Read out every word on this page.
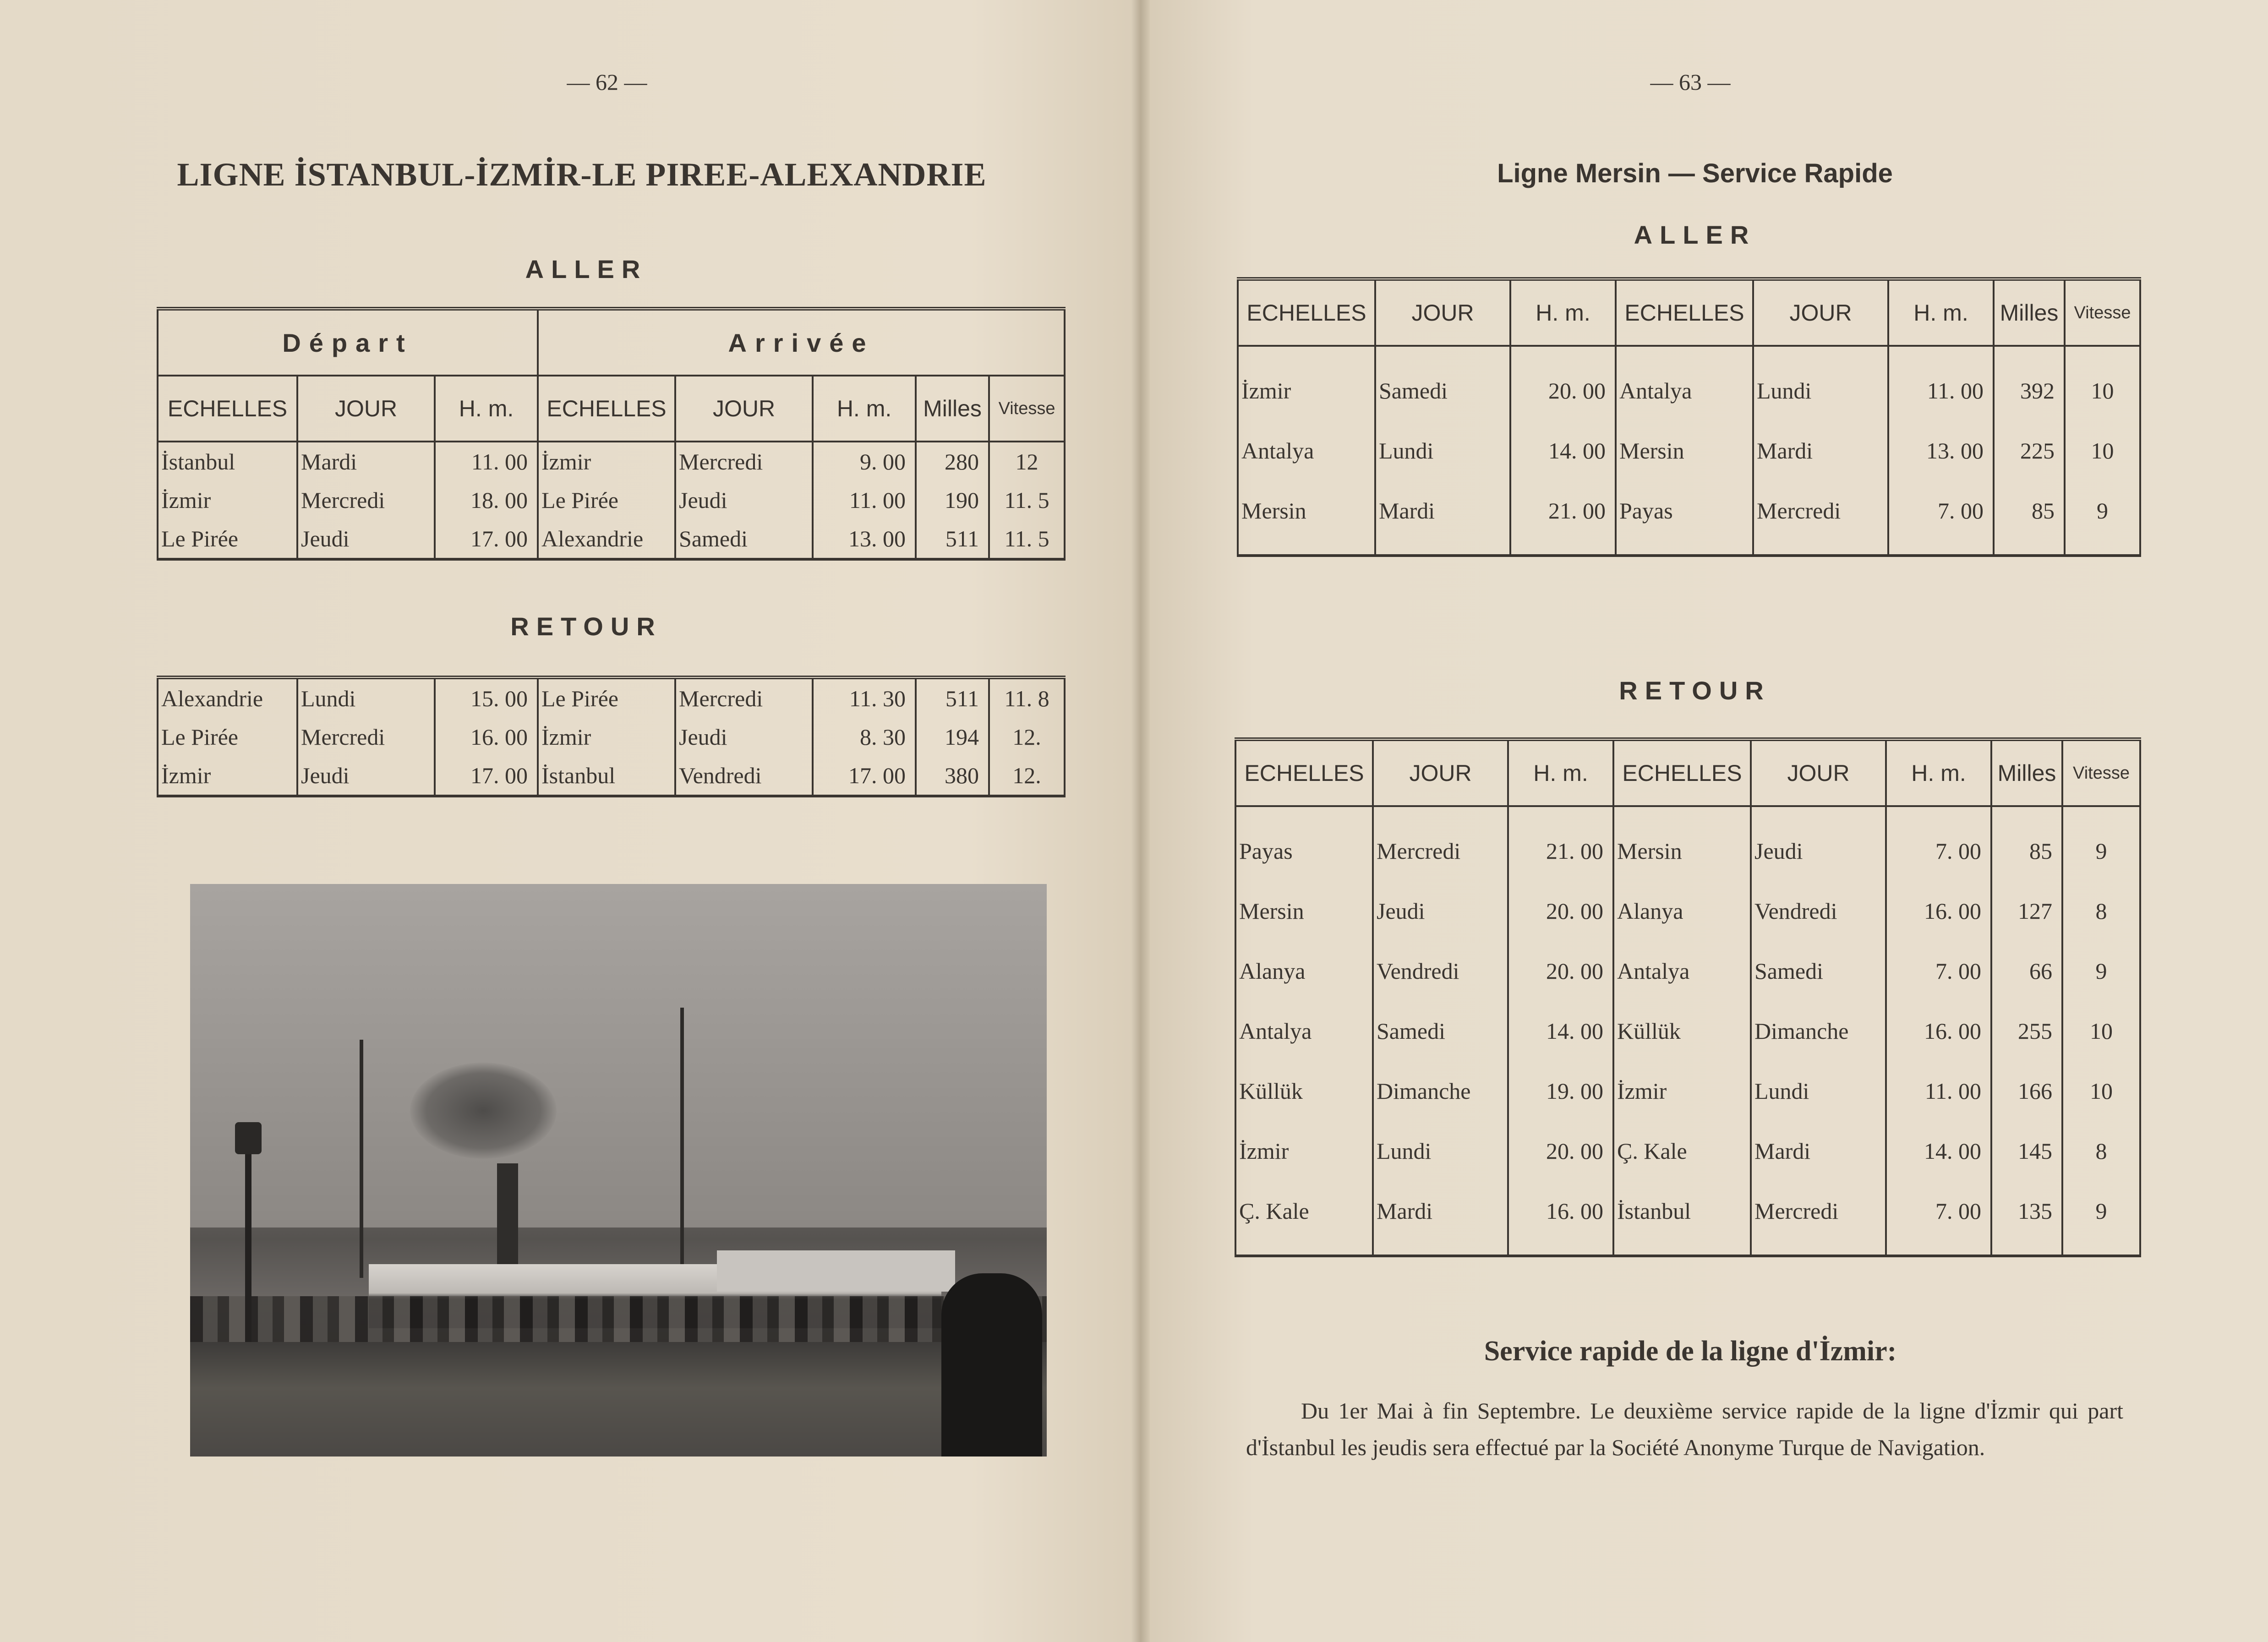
— 62 —
LIGNE İSTANBUL-İZMİR-LE PIREE-ALEXANDRIE
ALLER
Départ			Arrivée				
ECHELLES	JOUR	H. m.	ECHELLES	JOUR	H. m.	Milles	Vitesse
İstanbul	Mardi	11. 00	İzmir	Mercredi	9. 00	280	12
İzmir	Mercredi	18. 00	Le Pirée	Jeudi	11. 00	190	11. 5
Le Pirée	Jeudi	17. 00	Alexandrie	Samedi	13. 00	511	11. 5
RETOUR
Alexandrie	Lundi	15. 00	Le Pirée	Mercredi	11. 30	511	11. 8
Le Pirée	Mercredi	16. 00	İzmir	Jeudi	8. 30	194	12.
İzmir	Jeudi	17. 00	İstanbul	Vendredi	17. 00	380	12.
— 63 —
Ligne Mersin — Service Rapide
ALLER
ECHELLES	JOUR	H. m.	ECHELLES	JOUR	H. m.	Milles	Vitesse
İzmir	Samedi	20. 00	Antalya	Lundi	11. 00	392	10
Antalya	Lundi	14. 00	Mersin	Mardi	13. 00	225	10
Mersin	Mardi	21. 00	Payas	Mercredi	7. 00	85	9
RETOUR
ECHELLES	JOUR	H. m.	ECHELLES	JOUR	H. m.	Milles	Vitesse
Payas	Mercredi	21. 00	Mersin	Jeudi	7. 00	85	9
Mersin	Jeudi	20. 00	Alanya	Vendredi	16. 00	127	8
Alanya	Vendredi	20. 00	Antalya	Samedi	7. 00	66	9
Antalya	Samedi	14. 00	Küllük	Dimanche	16. 00	255	10
Küllük	Dimanche	19. 00	İzmir	Lundi	11. 00	166	10
İzmir	Lundi	20. 00	Ç. Kale	Mardi	14. 00	145	8
Ç. Kale	Mardi	16. 00	İstanbul	Mercredi	7. 00	135	9
Service rapide de la ligne d'İzmir:
Du 1er Mai à fin Septembre. Le deuxième service rapide de la ligne d'İzmir qui part d'İstanbul les jeudis sera effectué par la Société Anonyme Turque de Navigation.
